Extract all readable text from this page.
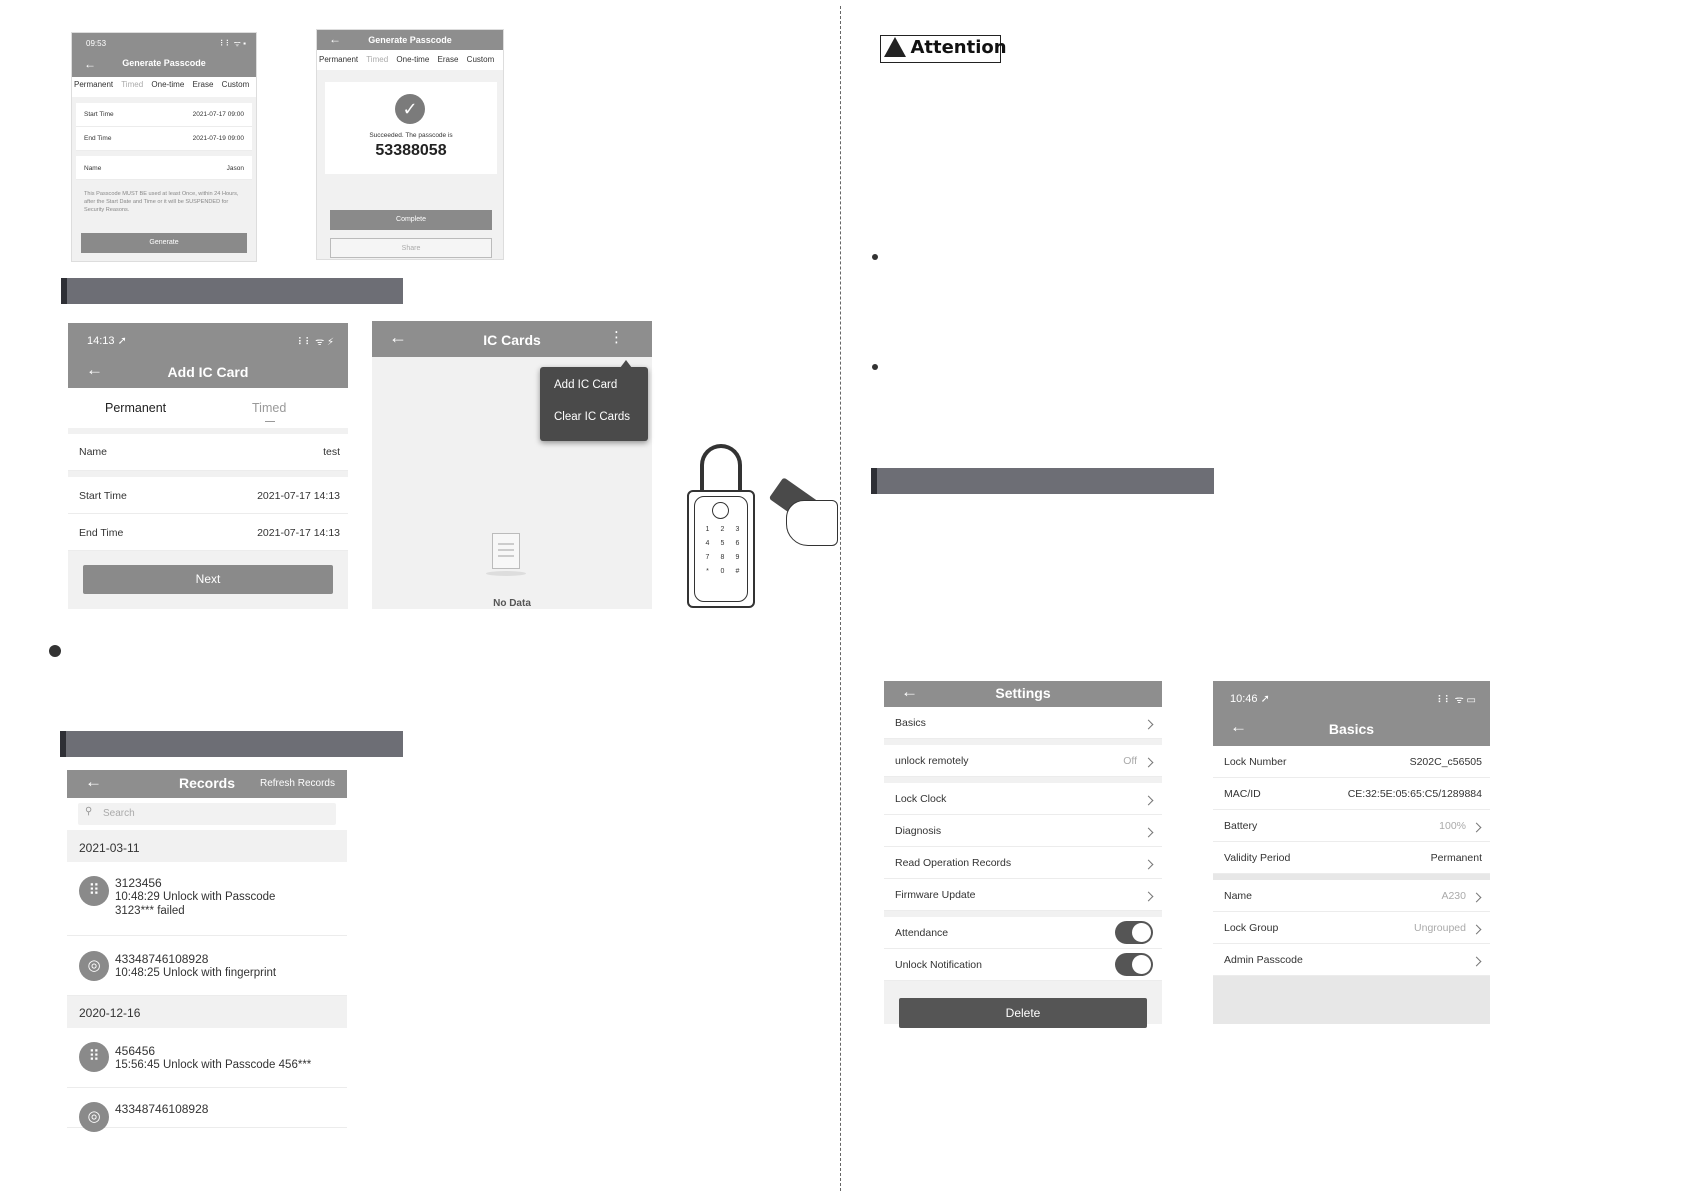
09:53	⠇⠇ ᯤ ▪
←	Generate Passcode
Permanent Timed One-time Erase Custom
Start Time	2021-07-17 09:00
End Time	2021-07-19 09:00
Name	Jason
This Passcode MUST BE used at least Once, within 24 Hours, after the Start Date and Time or it will be SUSPENDED for Security Reasons.
Generate
←	Generate Passcode
Permanent Timed One-time Erase Custom
✓
Succeeded. The passcode is
53388058
Complete
Share
14:13 ➚	⠇⠇ ᯤ ⚡
←	Add IC Card
Permanent	Timed
Name	test
Start Time	2021-07-17 14:13
End Time	2021-07-17 14:13
Next
←	IC Cards	⋮
Add IC Card
Clear IC Cards
No Data
1	2	3
4	5	6
7	8	9
*	0	#
←	Records Refresh Records
⚲ Search
2021-03-11
⠿	3123456
10:48:29 Unlock with Passcode
3123*** failed
◎	43348746108928
10:48:25 Unlock with fingerprint
2020-12-16
⠿	456456
15:56:45 Unlock with Passcode 456***
◎	43348746108928
Attention
←	Settings
Basics
unlock remotely	Off
Lock Clock
Diagnosis
Read Operation Records
Firmware Update
Attendance
Unlock Notification
Delete
10:46 ➚	⠇⠇ ᯤ ▭
←	Basics
Lock Number	S202C_c56505
MAC/ID	CE:32:5E:05:65:C5/1289884
Battery	100%
Validity Period	Permanent
Name	A230
Lock Group	Ungrouped
Admin Passcode
